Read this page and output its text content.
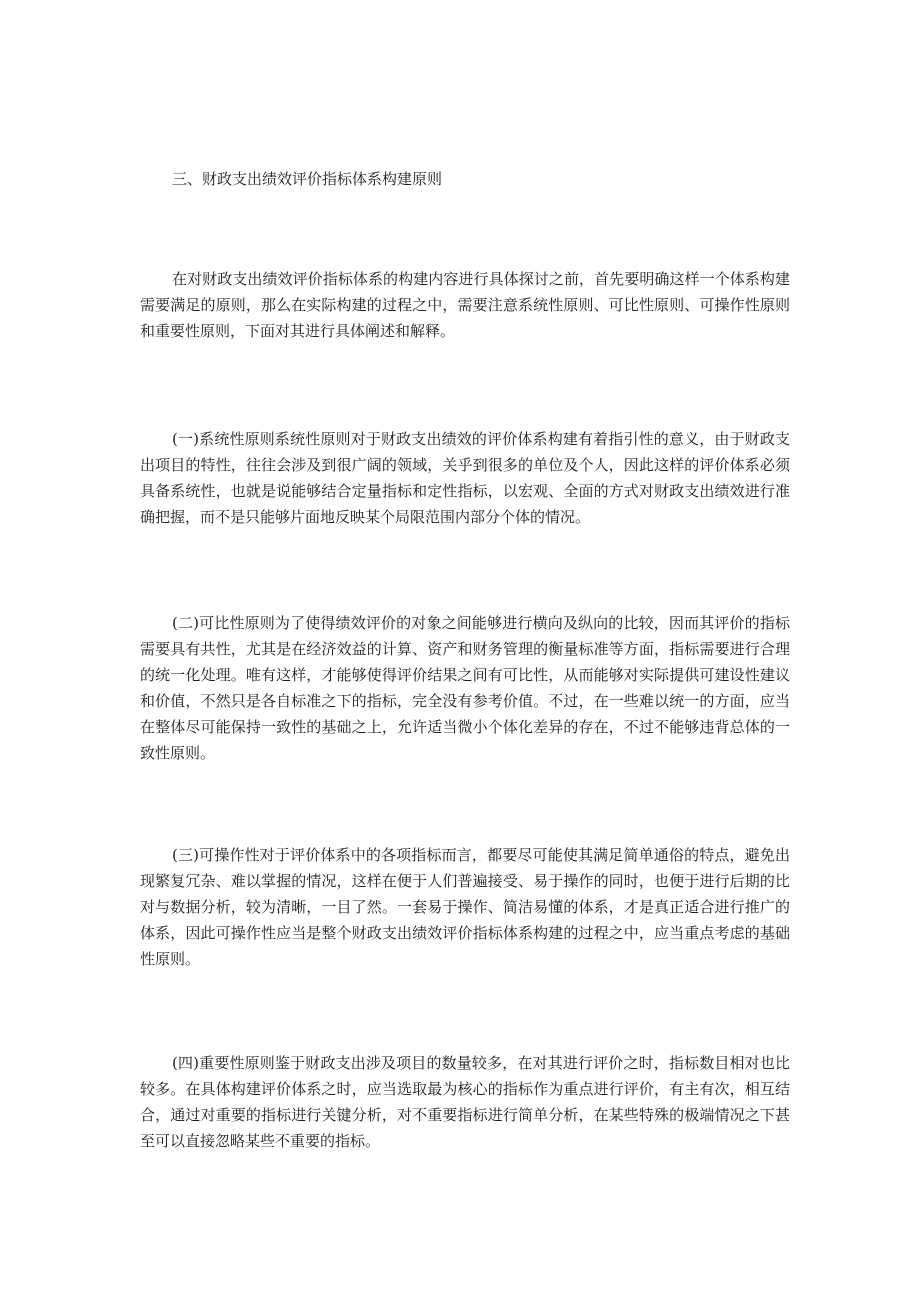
三、财政支出绩效评价指标体系构建原则

在对财政支出绩效评价指标体系的构建内容进行具体探讨之前，首先要明确这样一个体系构建需要满足的原则，那么在实际构建的过程之中，需要注意系统性原则、可比性原则、可操作性原则和重要性原则，下面对其进行具体阐述和解释。

(一)系统性原则系统性原则对于财政支出绩效的评价体系构建有着指引性的意义，由于财政支出项目的特性，往往会涉及到很广阔的领域，关乎到很多的单位及个人，因此这样的评价体系必须具备系统性，也就是说能够结合定量指标和定性指标，以宏观、全面的方式对财政支出绩效进行准确把握，而不是只能够片面地反映某个局限范围内部分个体的情况。

(二)可比性原则为了使得绩效评价的对象之间能够进行横向及纵向的比较，因而其评价的指标需要具有共性，尤其是在经济效益的计算、资产和财务管理的衡量标准等方面，指标需要进行合理的统一化处理。唯有这样，才能够使得评价结果之间有可比性，从而能够对实际提供可建设性建议和价值，不然只是各自标准之下的指标，完全没有参考价值。不过，在一些难以统一的方面，应当在整体尽可能保持一致性的基础之上，允许适当微小个体化差异的存在，不过不能够违背总体的一致性原则。

(三)可操作性对于评价体系中的各项指标而言，都要尽可能使其满足简单通俗的特点，避免出现繁复冗杂、难以掌握的情况，这样在便于人们普遍接受、易于操作的同时，也便于进行后期的比对与数据分析，较为清晰，一目了然。一套易于操作、简洁易懂的体系，才是真正适合进行推广的体系，因此可操作性应当是整个财政支出绩效评价指标体系构建的过程之中，应当重点考虑的基础性原则。

(四)重要性原则鉴于财政支出涉及项目的数量较多，在对其进行评价之时，指标数目相对也比较多。在具体构建评价体系之时，应当选取最为核心的指标作为重点进行评价，有主有次，相互结合，通过对重要的指标进行关键分析，对不重要指标进行简单分析，在某些特殊的极端情况之下甚至可以直接忽略某些不重要的指标。
